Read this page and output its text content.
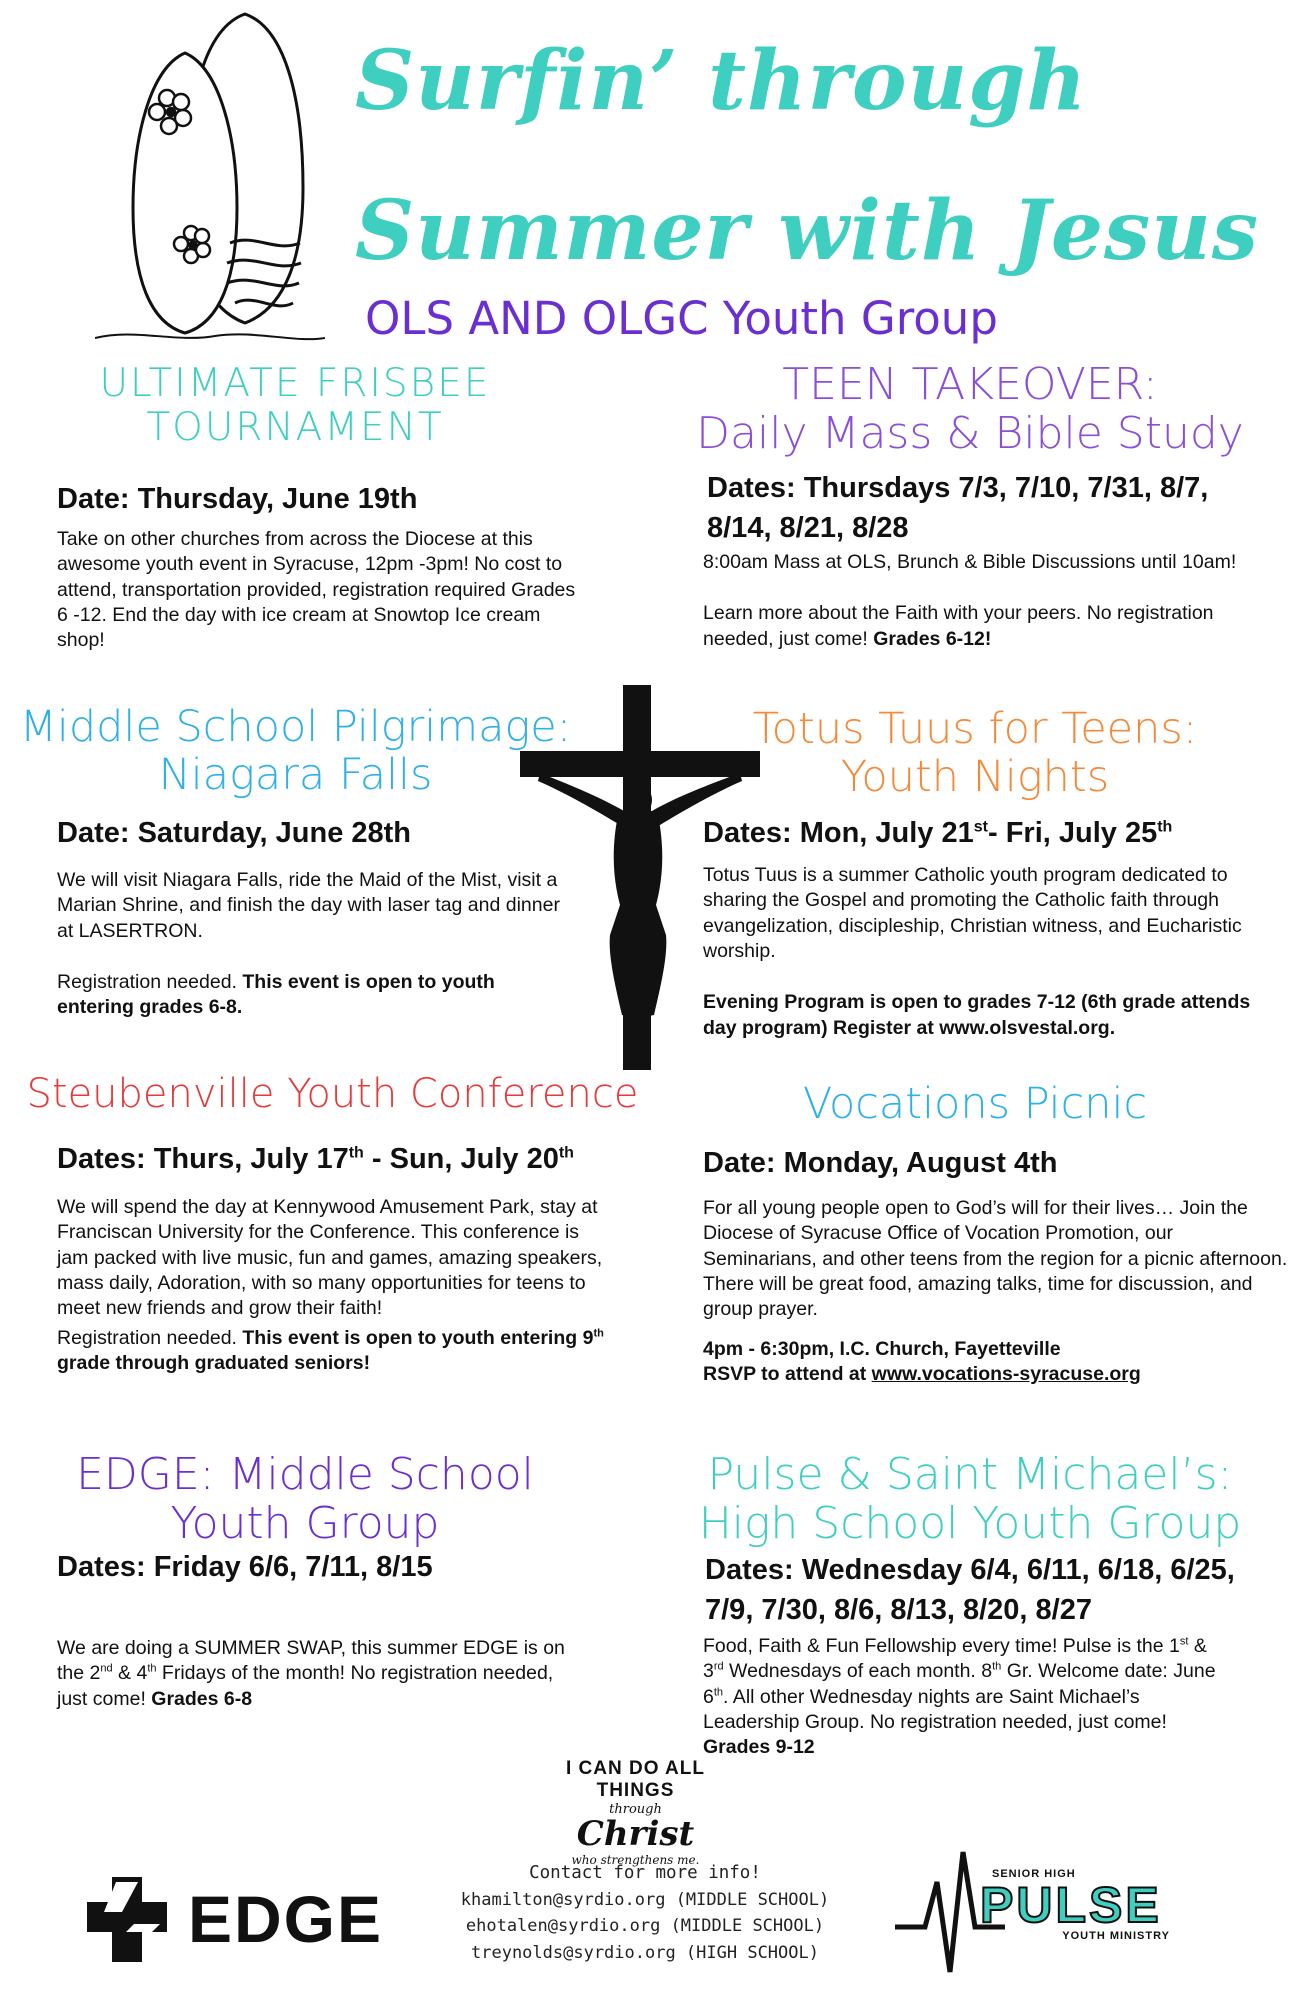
Surfin’ through
Summer with Jesus
OLS AND OLGC Youth Group
ULTIMATE FRISBEE
TOURNAMENT
Date: Thursday, June 19th
Take on other churches from across the Diocese at this awesome youth event in Syracuse, 12pm -3pm! No cost to attend, transportation provided, registration required Grades 6 -12. End the day with ice cream at Snowtop Ice cream shop!
TEEN TAKEOVER:
Daily Mass & Bible Study
Dates: Thursdays 7/3, 7/10, 7/31, 8/7, 8/14, 8/21, 8/28

8:00am Mass at OLS, Brunch & Bible Discussions until 10am!

Learn more about the Faith with your peers. No registration needed, just come! Grades 6-12!

Middle School Pilgrimage:
Niagara Falls
Date: Saturday, June 28th

We will visit Niagara Falls, ride the Maid of the Mist, visit a Marian Shrine, and finish the day with laser tag and dinner at LASERTRON.

Registration needed. This event is open to youth entering grades 6-8.

Totus Tuus for Teens:
Youth Nights
Dates: Mon, July 21st- Fri, July 25th

Totus Tuus is a summer Catholic youth program dedicated to sharing the Gospel and promoting the Catholic faith through evangelization, discipleship, Christian witness, and Eucharistic worship.

Evening Program is open to grades 7-12 (6th grade attends day program) Register at www.olsvestal.org.

Steubenville Youth Conference
Dates: Thurs, July 17th - Sun, July 20th

We will spend the day at Kennywood Amusement Park, stay at Franciscan University for the Conference. This conference is jam packed with live music, fun and games, amazing speakers, mass daily, Adoration, with so many opportunities for teens to meet new friends and grow their faith!

Registration needed. This event is open to youth entering 9th grade through graduated seniors!

Vocations Picnic
Date: Monday, August 4th

For all young people open to God’s will for their lives… Join the Diocese of Syracuse Office of Vocation Promotion, our Seminarians, and other teens from the region for a picnic afternoon. There will be great food, amazing talks, time for discussion, and group prayer.

4pm - 6:30pm, I.C. Church, Fayetteville

RSVP to attend at www.vocations-syracuse.org

EDGE: Middle School
Youth Group
Dates: Friday 6/6, 7/11, 8/15

We are doing a SUMMER SWAP, this summer EDGE is on the 2nd & 4th Fridays of the month! No registration needed, just come! Grades 6-8

Pulse & Saint Michael’s:
High School Youth Group
Dates: Wednesday 6/4, 6/11, 6/18, 6/25, 7/9, 7/30, 8/6, 8/13, 8/20, 8/27

Food, Faith & Fun Fellowship every time! Pulse is the 1st & 3rd Wednesdays of each month. 8th Gr. Welcome date: June 6th. All other Wednesday nights are Saint Michael’s Leadership Group. No registration needed, just come! Grades 9-12

I CAN DO ALL THINGS
through
Christ
who strengthens me.
Contact for more info!
khamilton@syrdio.org (MIDDLE SCHOOL)
ehotalen@syrdio.org (MIDDLE SCHOOL)
treynolds@syrdio.org (HIGH SCHOOL)
EDGE
SENIOR HIGH
PULSE
YOUTH MINISTRY
